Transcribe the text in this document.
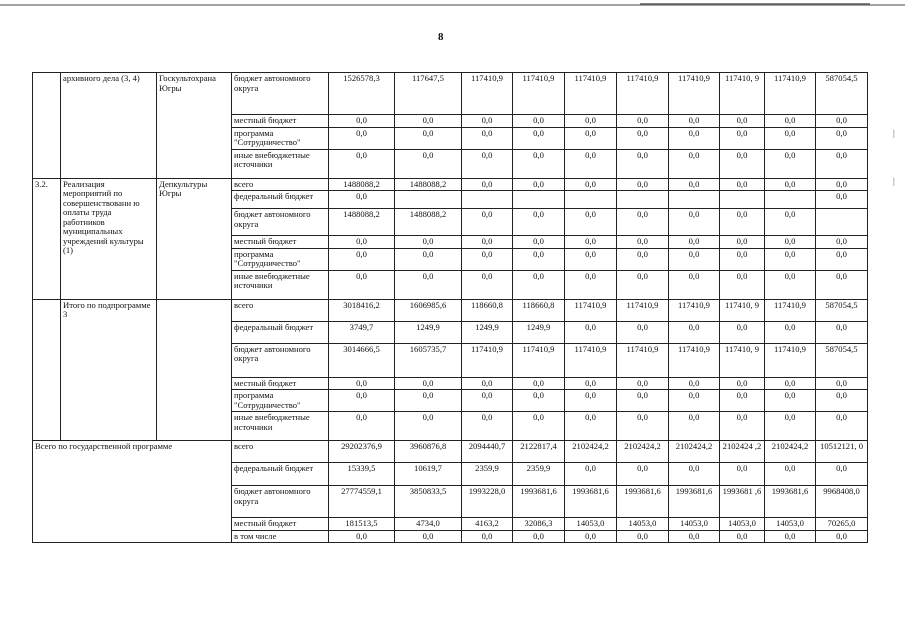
8
	архивного дела (3, 4)	Госкультохрана Югры	бюджет автономного округа	1526578,3	117647,5	117410,9	117410,9	117410,9	117410,9	117410,9	117410, 9	117410,9	587054,5
			местный бюджет	0,0	0,0	0,0	0,0	0,0	0,0	0,0	0,0	0,0	0,0
			программа "Сотрудничество"	0,0	0,0	0,0	0,0	0,0	0,0	0,0	0,0	0,0	0,0
			иные внебюджетные источники	0,0	0,0	0,0	0,0	0,0	0,0	0,0	0,0	0,0	0,0
3.2.	Реализация мероприятий по совершенствовани ю оплаты труда работников муниципальных учреждений культуры (1)	Депкультуры Югры	всего	1488088,2	1488088,2	0,0	0,0	0,0	0,0	0,0	0,0	0,0	0,0
			федеральный бюджет	0,0									0,0
			бюджет автономного округа	1488088,2	1488088,2	0,0	0,0	0,0	0,0	0,0	0,0	0,0	
			местный бюджет	0,0	0,0	0,0	0,0	0,0	0,0	0,0	0,0	0,0	0,0
			программа "Сотрудничество"	0,0	0,0	0,0	0,0	0,0	0,0	0,0	0,0	0,0	0,0
			иные внебюджетные источники	0,0	0,0	0,0	0,0	0,0	0,0	0,0	0,0	0,0	0,0
	Итого по подпрограмме 3		всего	3018416,2	1606985,6	118660,8	118660,8	117410,9	117410,9	117410,9	117410, 9	117410,9	587054,5
			федеральный бюджет	3749,7	1249,9	1249,9	1249,9	0,0	0,0	0,0	0,0	0,0	0,0
			бюджет автономного округа	3014666,5	1605735,7	117410,9	117410,9	117410,9	117410,9	117410,9	117410, 9	117410,9	587054,5
			местный бюджет	0,0	0,0	0,0	0,0	0,0	0,0	0,0	0,0	0,0	0,0
			программа "Сотрудничество"	0,0	0,0	0,0	0,0	0,0	0,0	0,0	0,0	0,0	0,0
			иные внебюджетные источники	0,0	0,0	0,0	0,0	0,0	0,0	0,0	0,0	0,0	0,0
Всего по государственной программе			всего	29202376,9	3960876,8	2094440,7	2122817,4	2102424,2	2102424,2	2102424,2	2102424 ,2	2102424,2	10512121, 0
			федеральный бюджет	15339,5	10619,7	2359,9	2359,9	0,0	0,0	0,0	0,0	0,0	0,0
			бюджет автономного округа	27774559,1	3850833,5	1993228,0	1993681,6	1993681,6	1993681,6	1993681,6	1993681 ,6	1993681,6	9968408,0
			местный бюджет	181513,5	4734,0	4163,2	32086,3	14053,0	14053,0	14053,0	14053,0	14053,0	70265,0
			в том числе	0,0	0,0	0,0	0,0	0,0	0,0	0,0	0,0	0,0	0,0
|
|
